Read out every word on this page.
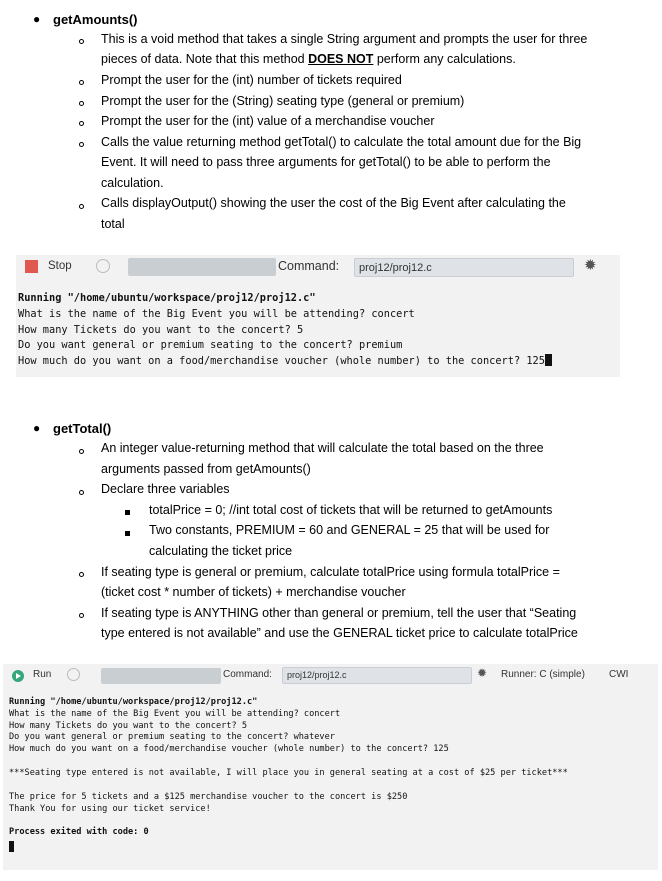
● getAmounts()
This is a void method that takes a single String argument and prompts the user for three
pieces of data. Note that this method DOES NOT perform any calculations.
Prompt the user for the (int) number of tickets required
Prompt the user for the (String) seating type (general or premium)
Prompt the user for the (int) value of a merchandise voucher
Calls the value returning method getTotal() to calculate the total amount due for the Big
Event. It will need to pass three arguments for getTotal() to be able to perform the
calculation.
Calls displayOutput() showing the user the cost of the Big Event after calculating the
total
Stop	Command:	proj12/proj12.c	✹
Running "/home/ubuntu/workspace/proj12/proj12.c"
What is the name of the Big Event you will be attending? concert
How many Tickets do you want to the concert? 5
Do you want general or premium seating to the concert? premium
How much do you want on a food/merchandise voucher (whole number) to the concert? 125
● getTotal()
An integer value-returning method that will calculate the total based on the three
arguments passed from getAmounts()
Declare three variables
totalPrice = 0; //int total cost of tickets that will be returned to getAmounts
Two constants, PREMIUM = 60 and GENERAL = 25 that will be used for
calculating the ticket price
If seating type is general or premium, calculate totalPrice using formula totalPrice =
(ticket cost * number of tickets) + merchandise voucher
If seating type is ANYTHING other than general or premium, tell the user that “Seating
type entered is not available” and use the GENERAL ticket price to calculate totalPrice
Run	Command:	proj12/proj12.c	✹ Runner: C (simple) CWI
Running "/home/ubuntu/workspace/proj12/proj12.c"
What is the name of the Big Event you will be attending? concert
How many Tickets do you want to the concert? 5
Do you want general or premium seating to the concert? whatever
How much do you want on a food/merchandise voucher (whole number) to the concert? 125
***Seating type entered is not available, I will place you in general seating at a cost of $25 per ticket***
The price for 5 tickets and a $125 merchandise voucher to the concert is $250
Thank You for using our ticket service!
Process exited with code: 0
